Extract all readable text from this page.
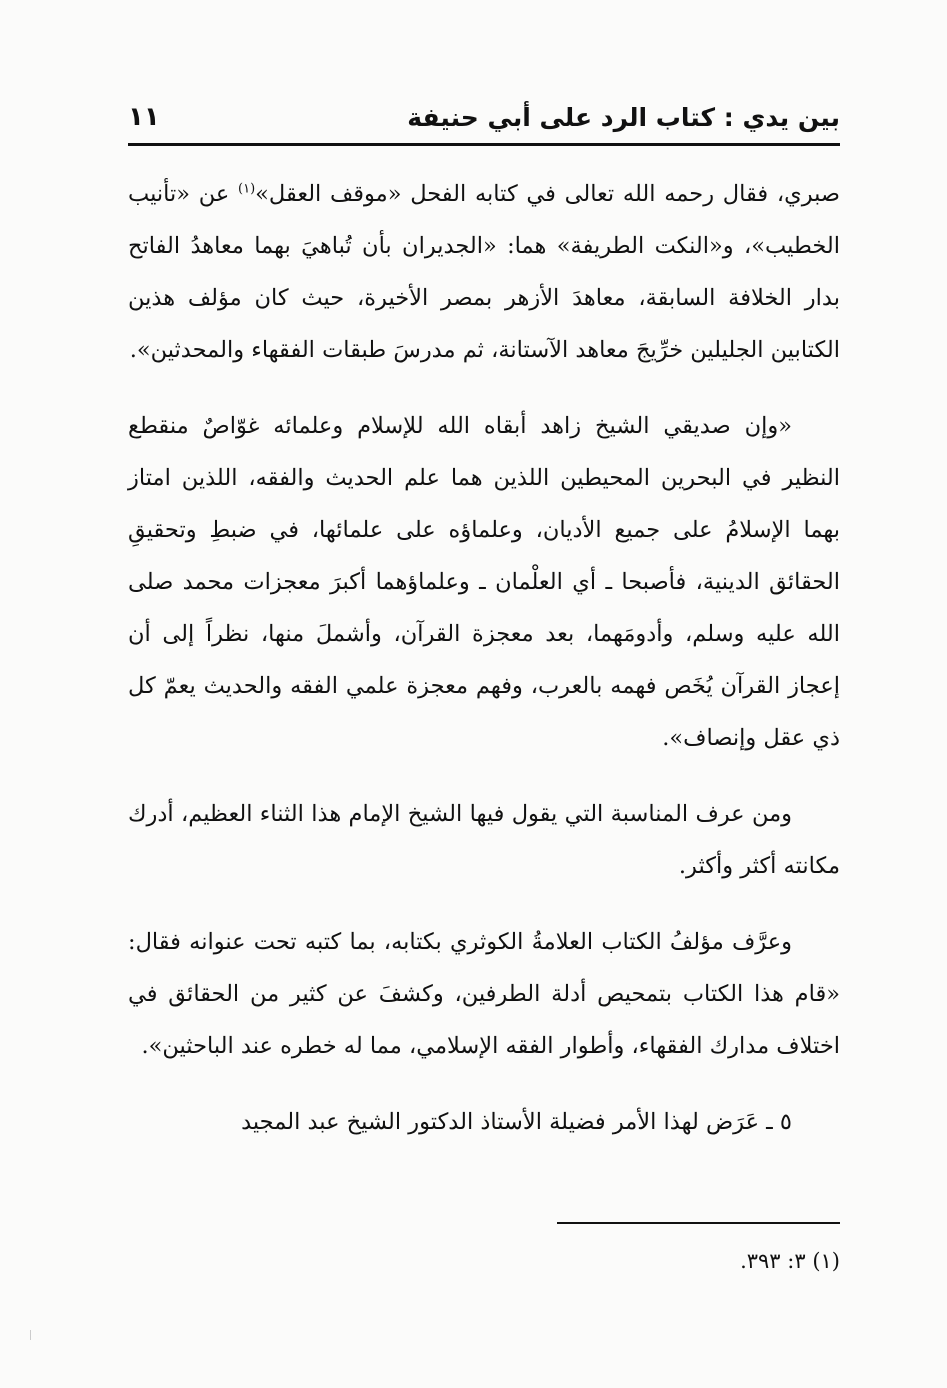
بين يدي : كتاب الرد على أبي حنيفة
١١

صبري، فقال رحمه الله تعالى في كتابه الفحل «موقف العقل»$^{(١)}$ عن «تأنيب الخطيب»، و«النكت الطريفة» هما: «الجديران بأن تُباهيَ بهما معاهدُ الفاتح بدار الخلافة السابقة، معاهدَ الأزهر بمصر الأخيرة، حيث كان مؤلف هذين الكتابين الجليلين خرِّيجَ معاهد الآستانة، ثم مدرسَ طبقات الفقهاء والمحدثين».

«وإن صديقي الشيخ زاهد أبقاه الله للإسلام وعلمائه غوّاصٌ منقطع النظير في البحرين المحيطين اللذين هما علم الحديث والفقه، اللذين امتاز بهما الإسلامُ على جميع الأديان، وعلماؤه على علمائها، في ضبطِ وتحقيقِ الحقائق الدينية، فأصبحا ـ أي العلْمان ـ وعلماؤهما أكبرَ معجزات محمد صلى الله عليه وسلم، وأدومَهما، بعد معجزة القرآن، وأشملَ منها، نظراً إلى أن إعجاز القرآن يُخَص فهمه بالعرب، وفهم معجزة علمي الفقه والحديث يعمّ كل ذي عقل وإنصاف».

ومن عرف المناسبة التي يقول فيها الشيخ الإمام هذا الثناء العظيم، أدرك مكانته أكثر وأكثر.

وعرَّف مؤلفُ الكتاب العلامةُ الكوثري بكتابه، بما كتبه تحت عنوانه فقال: «قام هذا الكتاب بتمحيص أدلة الطرفين، وكشفَ عن كثير من الحقائق في اختلاف مدارك الفقهاء، وأطوار الفقه الإسلامي، مما له خطره عند الباحثين».

٥ ـ عَرَض لهذا الأمر فضيلة الأستاذ الدكتور الشيخ عبد المجيد

(١) ٣: ٣٩٣.
